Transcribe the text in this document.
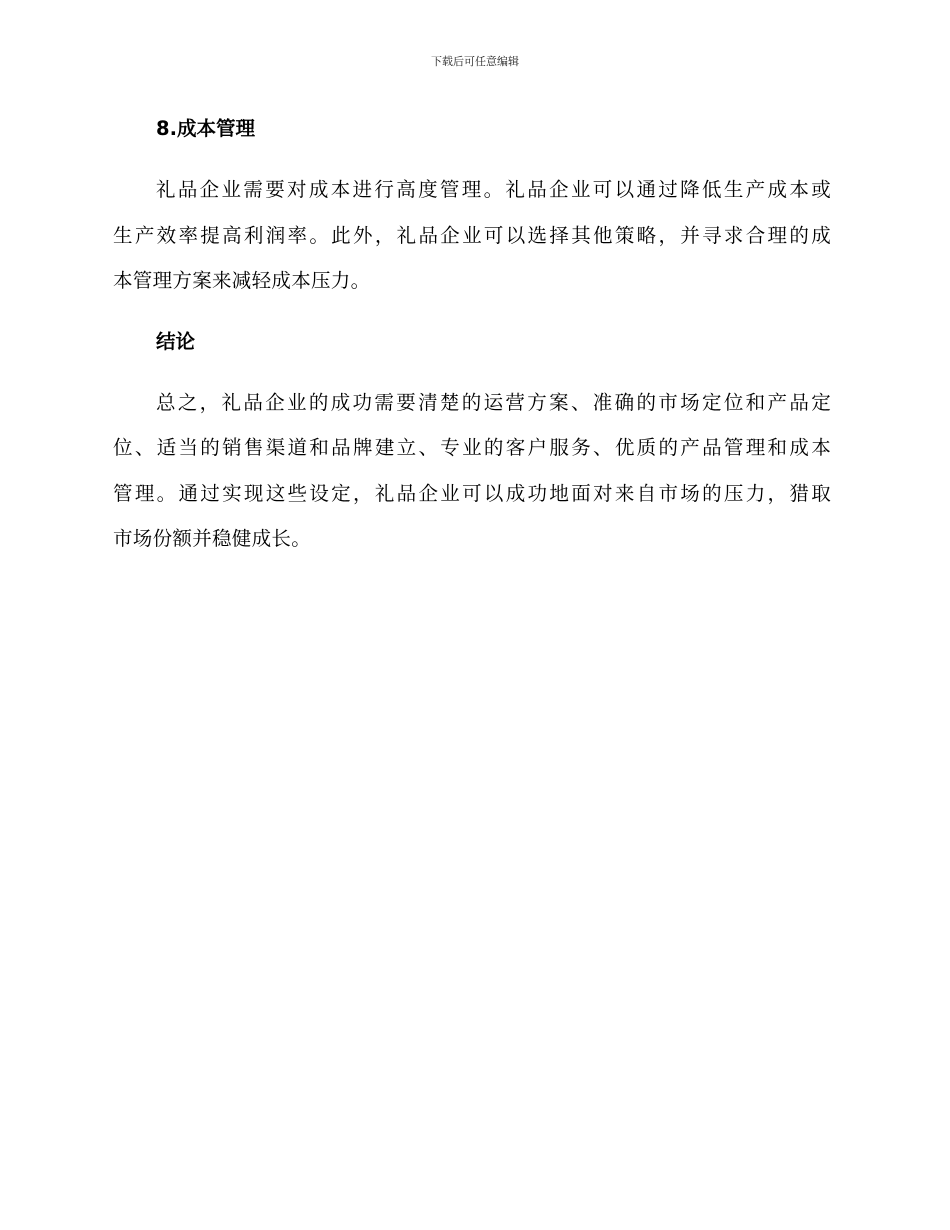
下载后可任意编辑
8.成本管理

礼品企业需要对成本进行高度管理。礼品企业可以通过降低生产成本或
生产效率提高利润率。此外，礼品企业可以选择其他策略，并寻求合理的成
本管理方案来减轻成本压力。

结论

总之，礼品企业的成功需要清楚的运营方案、准确的市场定位和产品定
位、适当的销售渠道和品牌建立、专业的客户服务、优质的产品管理和成本
管理。通过实现这些设定，礼品企业可以成功地面对来自市场的压力，猎取
市场份额并稳健成长。
